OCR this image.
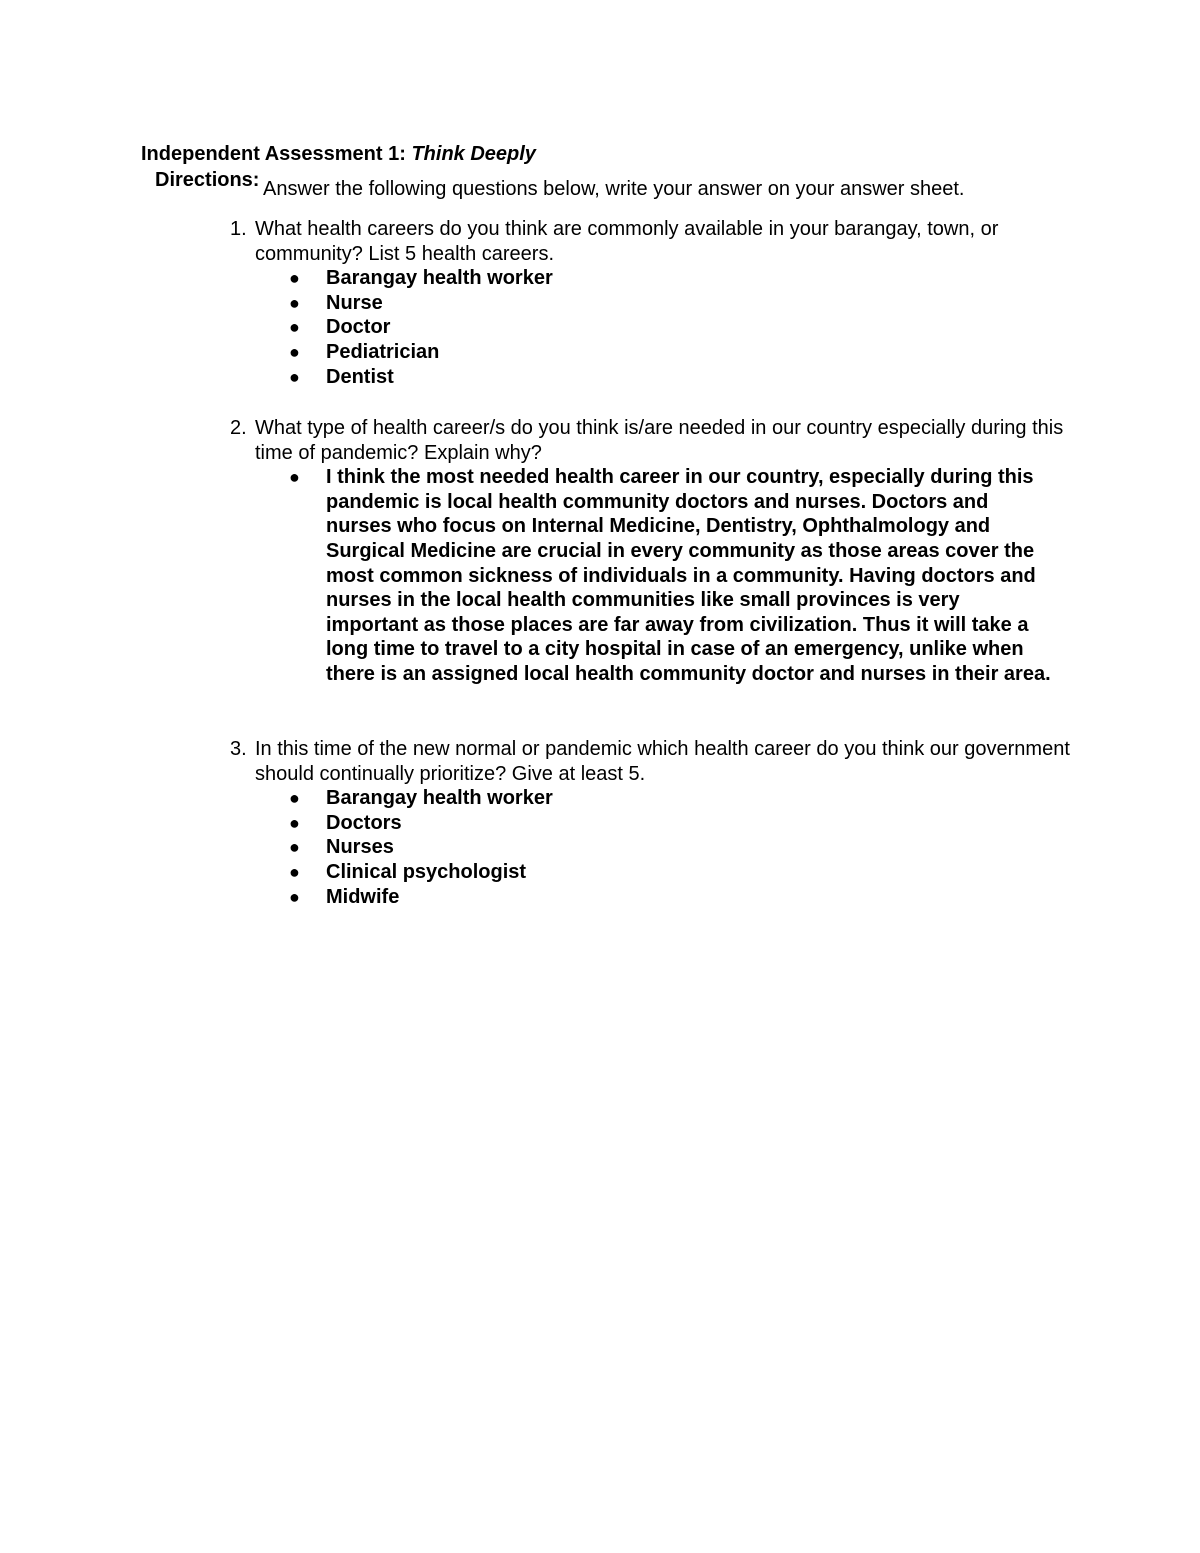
Independent Assessment 1: Think Deeply
Directions: Answer the following questions below, write your answer on your answer sheet.
1. What health careers do you think are commonly available in your barangay, town, or community? List 5 health careers.
● Barangay health worker
● Nurse
● Doctor
● Pediatrician
● Dentist
2. What type of health career/s do you think is/are needed in our country especially during this time of pandemic? Explain why?
● I think the most needed health career in our country, especially during this pandemic is local health community doctors and nurses. Doctors and nurses who focus on Internal Medicine, Dentistry, Ophthalmology and Surgical Medicine are crucial in every community as those areas cover the most common sickness of individuals in a community. Having doctors and nurses in the local health communities like small provinces is very important as those places are far away from civilization. Thus it will take a long time to travel to a city hospital in case of an emergency, unlike when there is an assigned local health community doctor and nurses in their area.
3. In this time of the new normal or pandemic which health career do you think our government should continually prioritize? Give at least 5.
● Barangay health worker
● Doctors
● Nurses
● Clinical psychologist
● Midwife
